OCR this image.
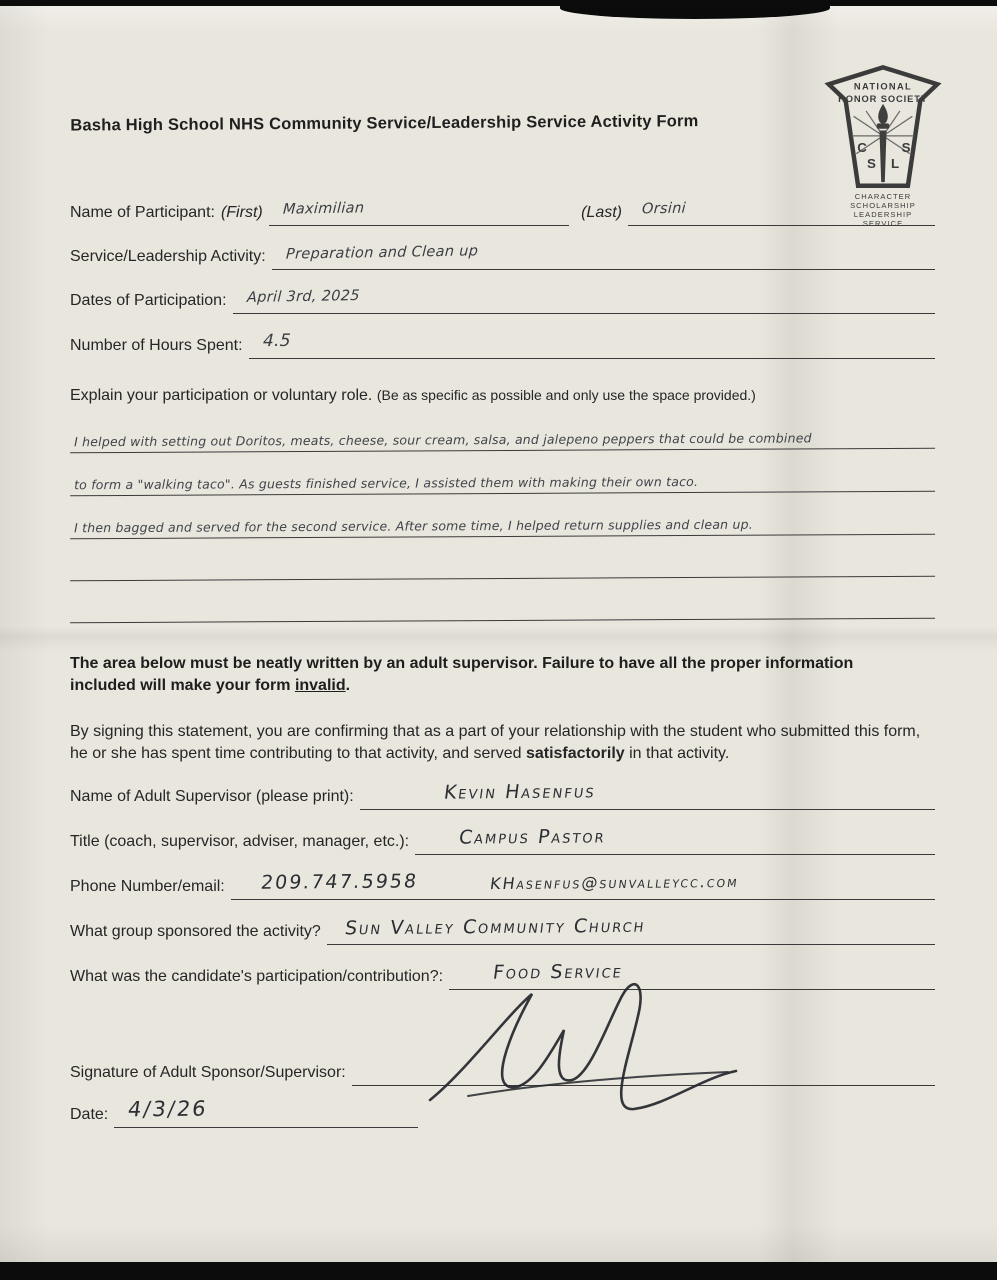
NATIONAL
HONOR SOCIETY
C
S L
S
CHARACTER
SCHOLARSHIP
LEADERSHIP
SERVICE
Basha High School NHS Community Service/Leadership Service Activity Form
Name of Participant: (First)	Maximilian	(Last)	Orsini
Service/Leadership Activity:	Preparation and Clean up
Dates of Participation:	April 3rd, 2025
Number of Hours Spent:	4.5
Explain your participation or voluntary role. (Be as specific as possible and only use the space provided.)
I helped with setting out Doritos, meats, cheese, sour cream, salsa, and jalepeno peppers that could be combined
to form a "walking taco". As guests finished service, I assisted them with making their own taco.
I then bagged and served for the second service. After some time, I helped return supplies and clean up.

The area below must be neatly written by an adult supervisor. Failure to have all the proper information included will make your form invalid.

By signing this statement, you are confirming that as a part of your relationship with the student who submitted this form, he or she has spent time contributing to that activity, and served satisfactorily in that activity.

Name of Adult Supervisor (please print):	Kevin Hasenfus
Title (coach, supervisor, adviser, manager, etc.):	Campus Pastor
Phone Number/email:	209.747.5958	KHasenfus@sunvalleycc.com
What group sponsored the activity?	Sun Valley Community Church
What was the candidate's participation/contribution?:	Food Service
Signature of Adult Sponsor/Supervisor:
Date: 4/3/26
